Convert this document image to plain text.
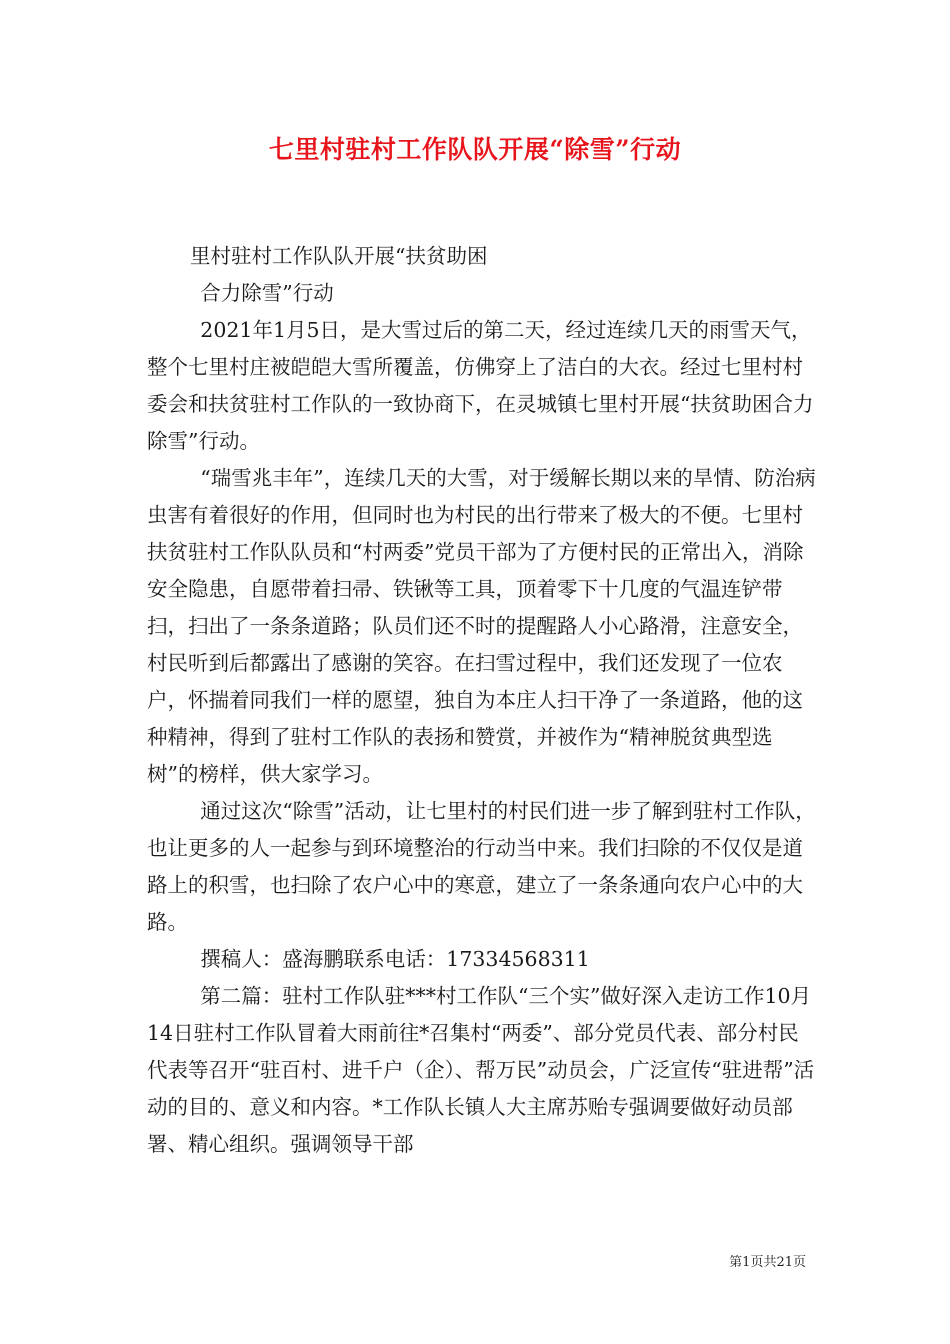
七里村驻村工作队队开展“除雪”行动

里村驻村工作队队开展“扶贫助困

合力除雪”行动

2021年1月5日，是大雪过后的第二天，经过连续几天的雨雪天气，整个七里村庄被皑皑大雪所覆盖，仿佛穿上了洁白的大衣。经过七里村村委会和扶贫驻村工作队的一致协商下，在灵城镇七里村开展“扶贫助困合力除雪”行动。

“瑞雪兆丰年”，连续几天的大雪，对于缓解长期以来的旱情、防治病虫害有着很好的作用，但同时也为村民的出行带来了极大的不便。七里村扶贫驻村工作队队员和“村两委”党员干部为了方便村民的正常出入，消除安全隐患，自愿带着扫帚、铁锹等工具，顶着零下十几度的气温连铲带扫，扫出了一条条道路；队员们还不时的提醒路人小心路滑，注意安全，村民听到后都露出了感谢的笑容。在扫雪过程中，我们还发现了一位农户，怀揣着同我们一样的愿望，独自为本庄人扫干净了一条道路，他的这种精神，得到了驻村工作队的表扬和赞赏，并被作为“精神脱贫典型选树”的榜样，供大家学习。

通过这次“除雪”活动，让七里村的村民们进一步了解到驻村工作队，也让更多的人一起参与到环境整治的行动当中来。我们扫除的不仅仅是道路上的积雪，也扫除了农户心中的寒意，建立了一条条通向农户心中的大路。

撰稿人：盛海鹏联系电话：17334568311

第二篇：驻村工作队驻***村工作队“三个实”做好深入走访工作10月14日驻村工作队冒着大雨前往*召集村“两委”、部分党员代表、部分村民代表等召开“驻百村、进千户（企）、帮万民”动员会，广泛宣传“驻进帮”活动的目的、意义和内容。*工作队长镇人大主席苏贻专强调要做好动员部署、精心组织。强调领导干部

第1页共21页
